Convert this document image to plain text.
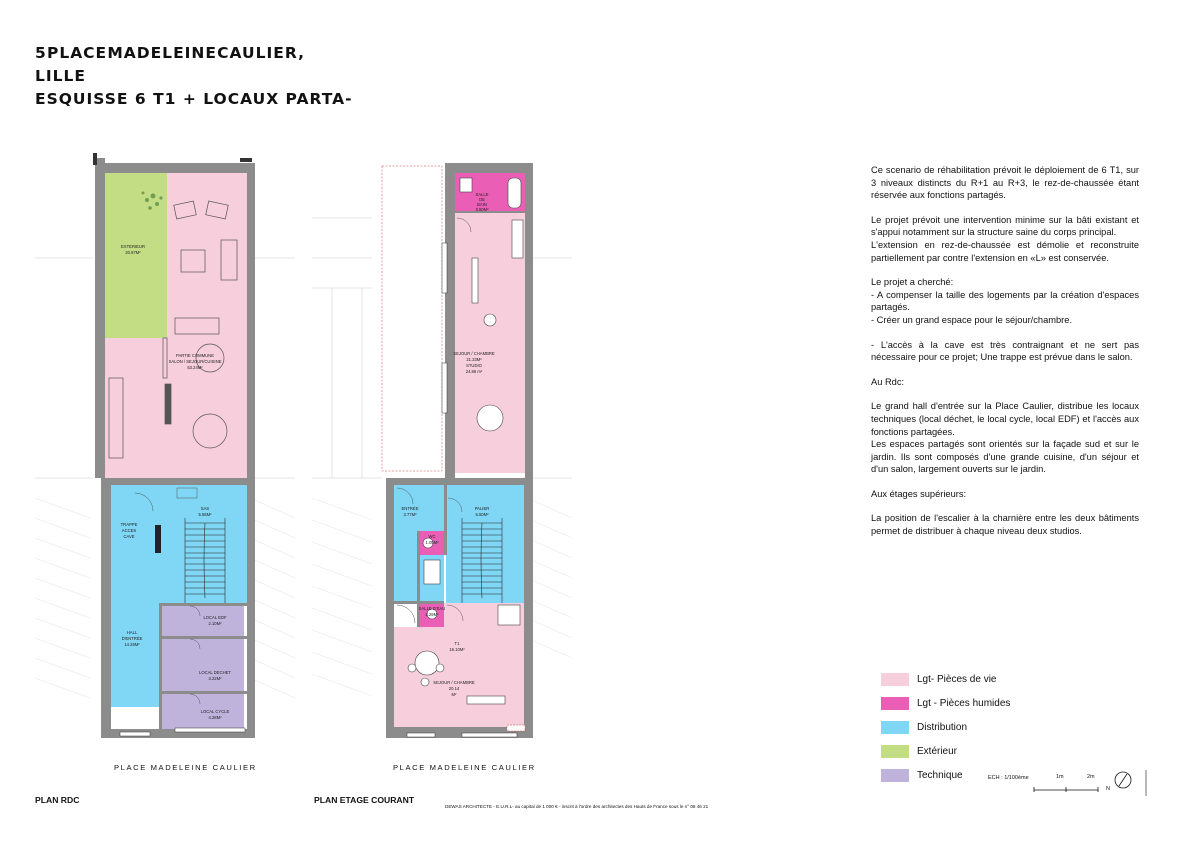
5 PLACE MADELEINE CAULIER,
LILLE
ESQUISSE 6 T1 + LOCAUX PARTA-

Ce scenario de réhabilitation prévoit le déploiement de 6 T1, sur 3 niveaux distincts du R+1 au R+3, le rez-de-chaussée étant réservée aux fonctions partagés.

Le projet prévoit une intervention minime sur la bâti existant et s'appui notamment sur la structure saine du corps principal.

L'extension en rez-de-chaussée est démolie et reconstruite partiellement par contre l'extension en «L» est conservée.

Le projet a cherché:

- A compenser la taille des logements par la création d'espaces partagés.

- Créer un grand espace pour le séjour/chambre.

- L'accès à la cave est très contraignant et ne sert pas nécessaire pour ce projet; Une trappe est prévue dans le salon.

Au Rdc:

Le grand hall d'entrée sur la Place Caulier, distribue les locaux techniques (local déchet, le local cycle, local EDF) et l'accès aux fonctions partagées.

Les espaces partagés sont orientés sur la façade sud et sur le jardin. Ils sont composés d'une grande cuisine, d'un séjour et d'un salon, largement ouverts sur le jardin.

Aux étages supérieurs:

La position de l'escalier à la charnière entre les deux bâtiments permet de distribuer à chaque niveau deux studios.

Lgt- Pièces de vie
Lgt - Pièces humides
Distribution
Extérieur
Technique
PLAN RDC	PLAN ETAGE COURANT
PLACE MADELEINE CAULIER	PLACE MADELEINE CAULIER
DEWAS ARCHITECTE - E.U.R.L- au capital de 1 000 € - inscrit à l'ordre des architectes des Hauts de France sous le n° 08 46 21
ECH : 1/100ème	1m	2m
N
EXTERIEUR
20.87M²
PARTIE COMMUNE
SALON / SEJOUR/CUISINE
53.24M²
SAS
5.55M²
HALL
D'ENTRÉE
14.26M²
TRAPPE
ACCES
CAVE
LOCAL EDF
2.10M²
LOCAL DECHET
3.22M²
LOCAL CYCLE
4.28M²
SALLE
DE
BAIN
3.50M²
SEJOUR / CHAMBRE
21.33M²
STUDIO
24.86 m²
ENTRÉE
3.77M²
PALIER
5.50M²
WC
1.05M²
SALLE D'EAU
2.29M²
T1
16.10M²
SEJOUR / CHAMBRE
20.14
M²
